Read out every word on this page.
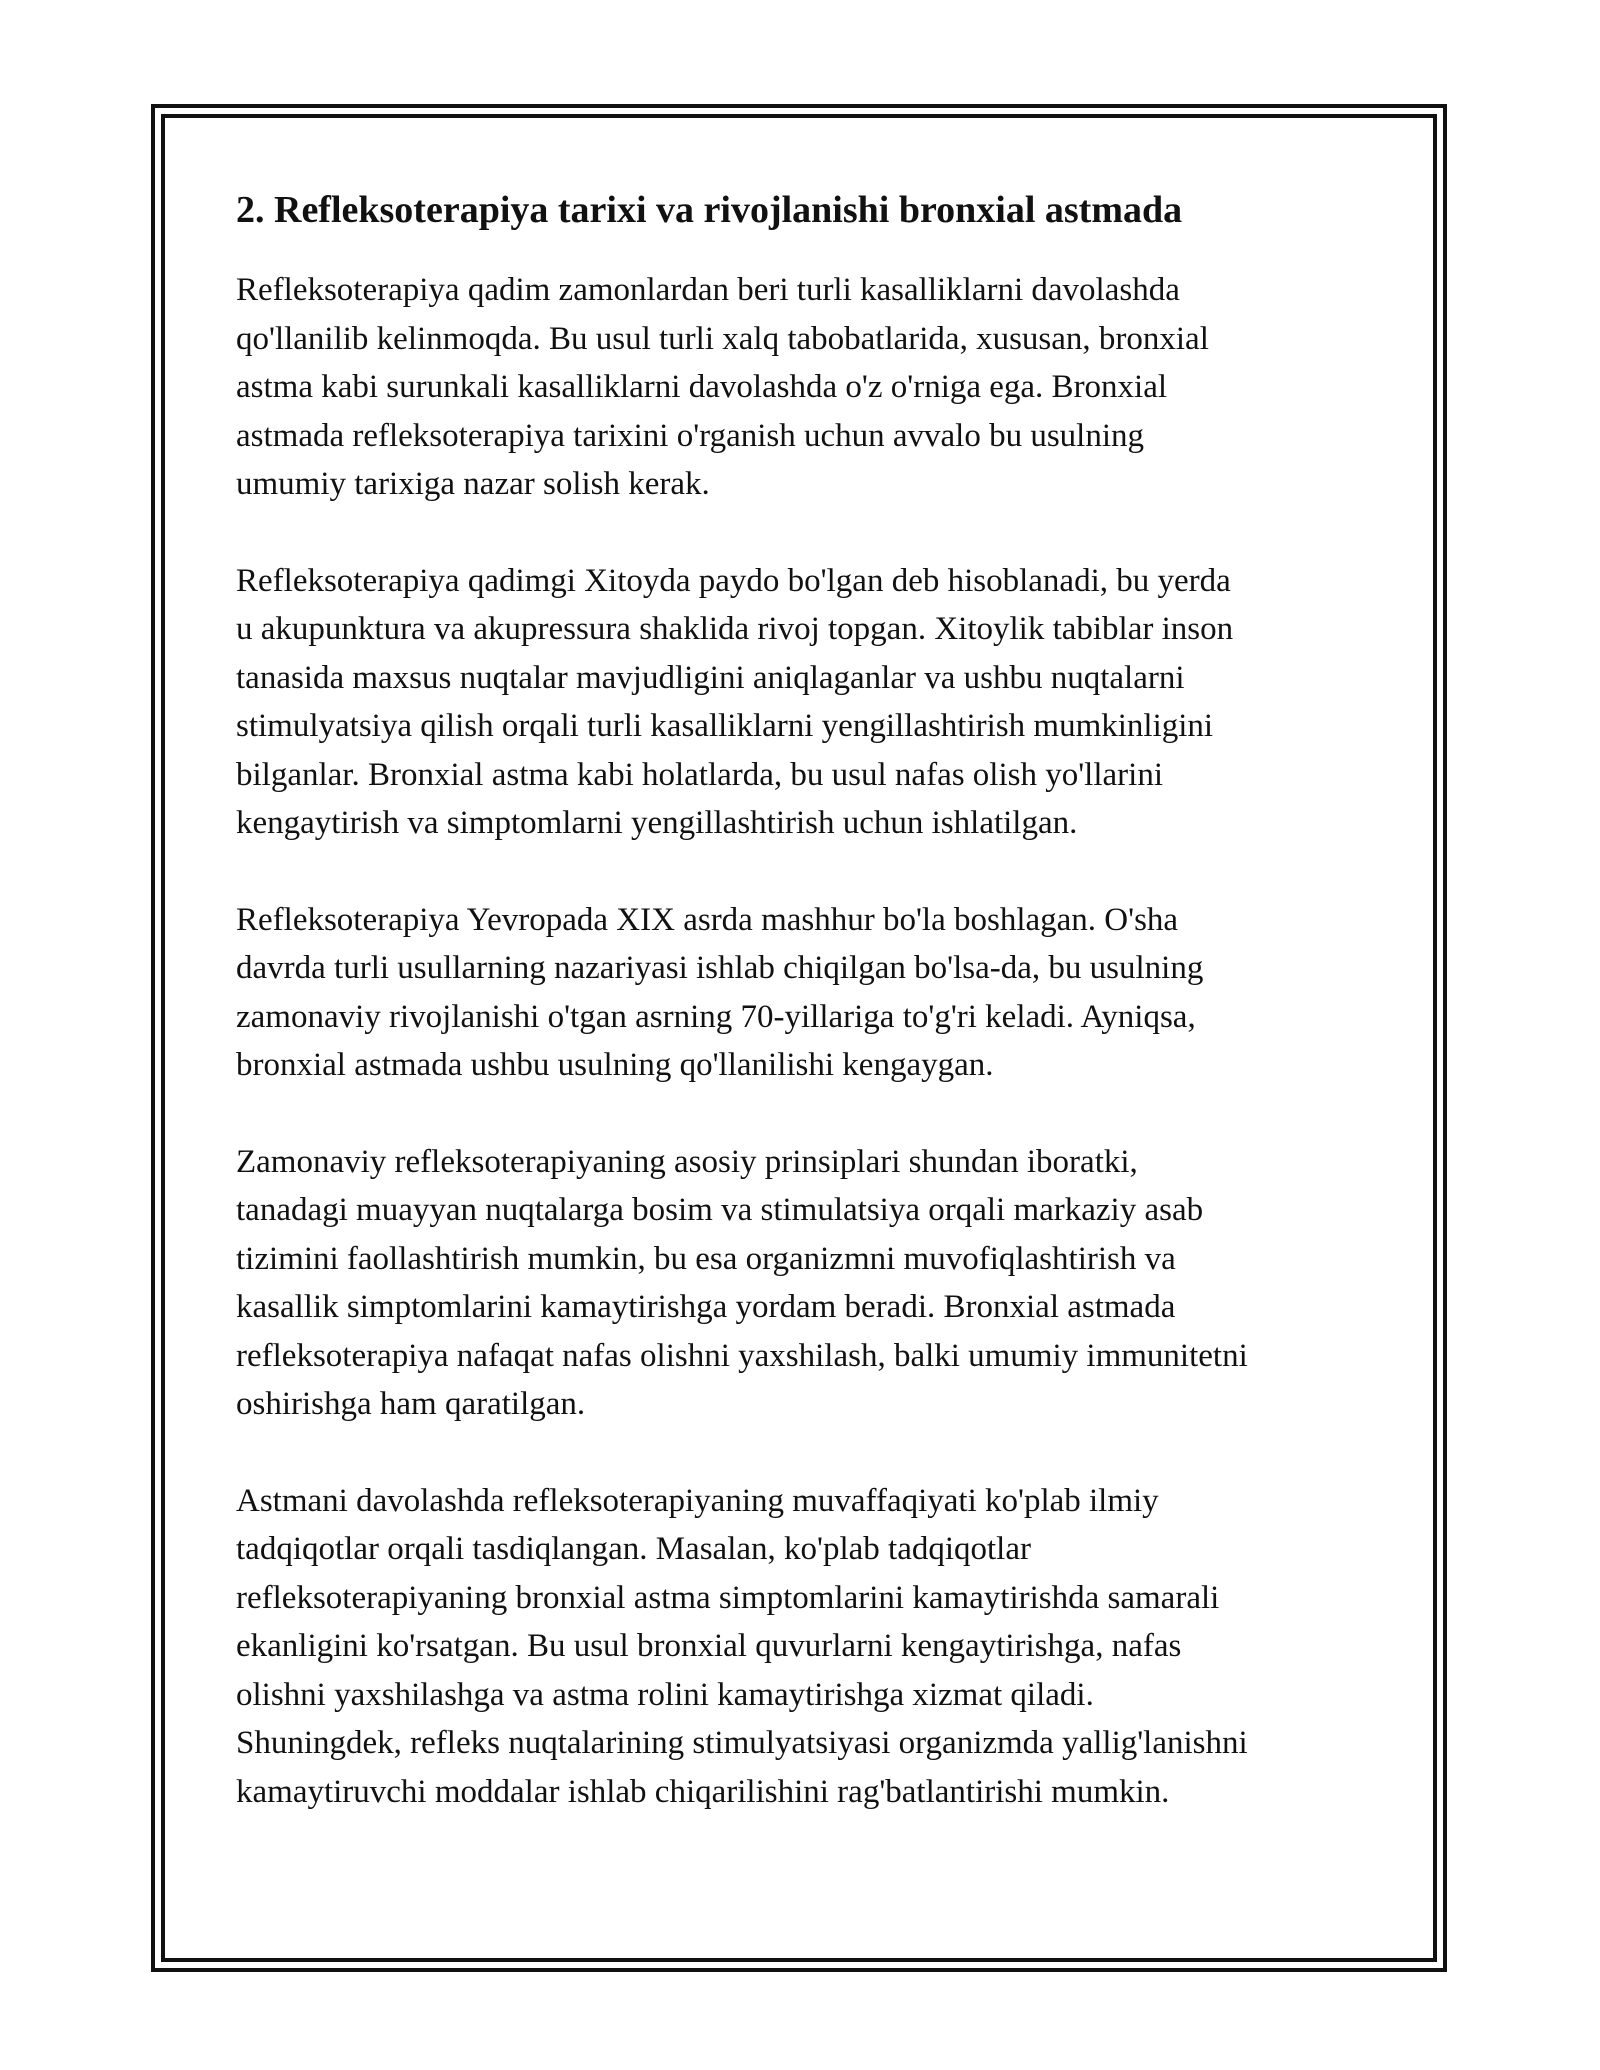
2. Refleksoterapiya tarixi va rivojlanishi bronxial astmada

Refleksoterapiya qadim zamonlardan beri turli kasalliklarni davolashda
qo'llanilib kelinmoqda. Bu usul turli xalq tabobatlarida, xususan, bronxial
astma kabi surunkali kasalliklarni davolashda o'z o'rniga ega. Bronxial
astmada refleksoterapiya tarixini o'rganish uchun avvalo bu usulning
umumiy tarixiga nazar solish kerak.

Refleksoterapiya qadimgi Xitoyda paydo bo'lgan deb hisoblanadi, bu yerda
u akupunktura va akupressura shaklida rivoj topgan. Xitoylik tabiblar inson
tanasida maxsus nuqtalar mavjudligini aniqlaganlar va ushbu nuqtalarni
stimulyatsiya qilish orqali turli kasalliklarni yengillashtirish mumkinligini
bilganlar. Bronxial astma kabi holatlarda, bu usul nafas olish yo'llarini
kengaytirish va simptomlarni yengillashtirish uchun ishlatilgan.

Refleksoterapiya Yevropada XIX asrda mashhur bo'la boshlagan. O'sha
davrda turli usullarning nazariyasi ishlab chiqilgan bo'lsa-da, bu usulning
zamonaviy rivojlanishi o'tgan asrning 70-yillariga to'g'ri keladi. Ayniqsa,
bronxial astmada ushbu usulning qo'llanilishi kengaygan.

Zamonaviy refleksoterapiyaning asosiy prinsiplari shundan iboratki,
tanadagi muayyan nuqtalarga bosim va stimulatsiya orqali markaziy asab
tizimini faollashtirish mumkin, bu esa organizmni muvofiqlashtirish va
kasallik simptomlarini kamaytirishga yordam beradi. Bronxial astmada
refleksoterapiya nafaqat nafas olishni yaxshilash, balki umumiy immunitetni
oshirishga ham qaratilgan.

Astmani davolashda refleksoterapiyaning muvaffaqiyati ko'plab ilmiy
tadqiqotlar orqali tasdiqlangan. Masalan, ko'plab tadqiqotlar
refleksoterapiyaning bronxial astma simptomlarini kamaytirishda samarali
ekanligini ko'rsatgan. Bu usul bronxial quvurlarni kengaytirishga, nafas
olishni yaxshilashga va astma rolini kamaytirishga xizmat qiladi.
Shuningdek, refleks nuqtalarining stimulyatsiyasi organizmda yallig'lanishni
kamaytiruvchi moddalar ishlab chiqarilishini rag'batlantirishi mumkin.
